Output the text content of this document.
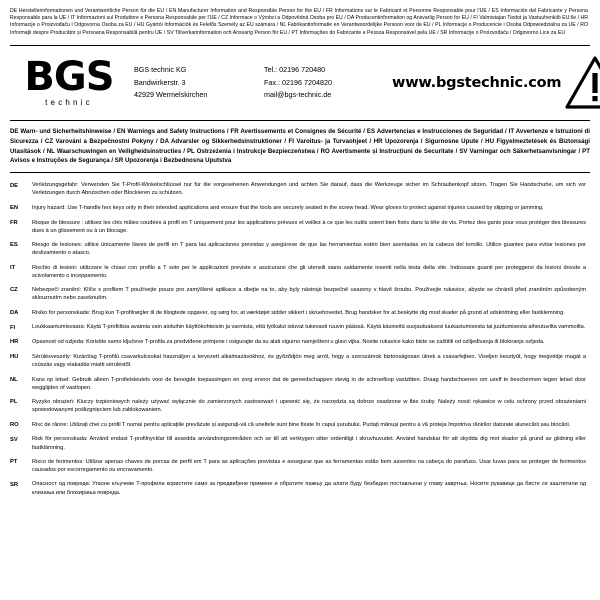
DE Herstellerinformationen und Verantwortliche Person für die EU / EN Manufacturer Information and Responsible Person for the EU / FR Informations sur le Fabricant et Personne Responsable pour l'UE / ES Información del Fabricante y Persona Responsable para la UE / IT Informazioni sul Produttore e Persona Responsabile per l'UE / CZ Informace o Výrobci a Odpovědná Osoba pro EU / DA Producentinformation og Ansvarlig Person for EU / FI Valmistajan Tiedot ja Vastuuhenkilö EU:lle / HR Informacije o Proizvođaču i Odgovorna Osoba za EU / HU Gyártói Információk és Felelős Személy az EU számára / NL Fabrikantinformatie en Verantwoordelijke Persoon voor de EU / PL Informacje o Producencie i Osoba Odpowiedzialna za UE / RO Informații despre Producător și Persoana Responsabilă pentru UE / SV Tillverkarinformation och Ansvarig Person för EU / PT Informações do Fabricante e Pessoa Responsável pela UE / SR Informacije o Proizvođaču i Odgovorno Lice za EU
BGS
technic
BGS technic KG
Bandwirkerstr. 3
42929 Wermelskirchen
Tel.: 02196 720480
Fax.: 02196 7204820
mail@bgs-technic.de
www.bgstechnic.com
DE Warn- und Sicherheitshinweise / EN Warnings and Safety Instructions / FR Avertissements et Consignes de Sécurité / ES Advertencias e Instrucciones de Seguridad / IT Avvertenze e Istruzioni di Sicurezza / CZ Varování a Bezpečnostní Pokyny / DA Advarsler og Sikkerhedsinstruktioner / FI Varoitus- ja Turvaohjeet / HR Upozorenja i Sigurnosne Upute / HU Figyelmeztetések és Biztonsági Utasítások / NL Waarschuwingen en Veiligheidsinstructies / PL Ostrzeżenia i Instrukcje Bezpieczeństwa / RO Avertismente și Instrucțiuni de Securitate / SV Varningar och Säkerhetsanvisningar / PT Avisos e Instruções de Segurança / SR Upozorenja i Bezbednosna Uputstva
DE	Verletzungsgefahr: Verwenden Sie T-Profil-Winkelschlüssel nur für die vorgesehenen Anwendungen und achten Sie darauf, dass die Werkzeuge sicher im Schraubenkopf sitzen. Tragen Sie Handschuhe, um sich vor Verletzungen durch Abrutschen oder Blockieren zu schützen.
EN	Injury hazard: Use T-handle hex keys only in their intended applications and ensure that the tools are securely seated in the screw head. Wear gloves to protect against injuries caused by slipping or jamming.
FR	Risque de blessure : utilisez les clés mâles coudées à profil en T uniquement pour les applications prévues et veillez à ce que les outils soient bien fixés dans la tête de vis. Portez des gants pour vous protéger des blessures dues à un glissement ou à un blocage.
ES	Riesgo de lesiones: utilice únicamente llaves de perfil en T para las aplicaciones previstas y asegúrese de que las herramientas estén bien asentadas en la cabeza del tornillo. Utilice guantes para evitar lesiones por deslizamiento o atasco.
IT	Rischio di lesioni: utilizzare le chiavi con profilo a T solo per le applicazioni previste e assicurarsi che gli utensili siano saldamente inseriti nella testa della vite. Indossare guanti per proteggersi da lesioni dovute a scivolamento o inceppamento.
CZ	Nebezpečí zranění: Klíče s profilem T používejte pouze pro zamýšlené aplikace a dbejte na to, aby byly nástroje bezpečně usazeny v hlavě šroubu. Používejte rukavice, abyste se chránili před zraněním způsobeným sklouznutím nebo zaseknutím.
DA	Risiko for personskade: Brug kun T-profilnøgler til de tilsigtede opgaver, og sørg for, at værktøjet sidder sikkert i skruehovedet. Brug handsker for at beskytte dig mod skader på grund af udskridning eller fastklemning.
FI	Loukkaantumisvaara: Käytä T-profiilisia avaimia vain aiotuihin käyttökohteisiin ja varmista, että työkalut istuvat tukevasti ruuvin päässä. Käytä käsineitä suojautuaksesi luukastumisesta tai juuttumisesta aiheutuvilta vammoilta.
HR	Opasnost od ozljeda: Koristite samo ključeve T-profila za predviđene primjene i osigurajte da su alati sigurno namješteni u glavi vijka. Nosite rukavice kako biste se zaštitili od ozlijeđivanja ili blokiranja ozljeda.
HU	Sérülésveszély: Kizárólag T-profilú csavarkulcsokat használjon a tervezett alkalmazásokhoz, és győződjön meg arról, hogy a szerszámok biztonságosan ülnek a csavarfejben. Viseljen kesztyűt, hogy megvédje magát a csúszás vagy elakadás miatti sérüléstől.
NL	Kans op letsel: Gebruik alleen T-profielsleutels voor de beoogde toepassingen en zorg ervoor dat de gereedschappen stevig in de schroefkop vastzitten. Draag handschoenen om uzelf te beschermen tegen letsel door wegglijden of vastlopen.
PL	Ryzyko obrażeń: Kluczy trzpieniowych należy używać wyłącznie do zamierzonych zastosowań i upewnić się, że narzędzia są dobrze osadzone w łbie śruby. Należy nosić rękawice w celu ochrony przed obrażeniami spowodowanymi poślizgnięciem lub zablokowaniem.
RO	Risc de rănire: Utilizați chei cu profil T numai pentru aplicațiile prevăzute și asigurați-vă că uneltele sunt bine fixate în capul șurubului. Purtați mănuși pentru a vă proteja împotriva rănirilor datorate alunecării sau blocării.
SV	Risk för personskada: Använd endast T-profilnycklar till avsedda användningsområden och se till att verktygen sitter ordentligt i skruvhuvudet. Använd handskar för att skydda dig mot skador på grund av glidning eller fastklämning.
PT	Risco de ferimentos: Utilizar apenas chaves de porcas de perfil em T para as aplicações previstas e assegurar que as ferramentas estão bem assentes na cabeça do parafuso. Usar luvas para se proteger de ferimentos causados por escorregamento ou encravamento.
SR	Опасност од повреда: Угаоне кључеве T-профила користите само за предвиђене примене и обратите пажњу да алати буду безбедно постављени у главу завртња. Носите рукавице да бисте се заштитили од клизања или блокирања повреда.
